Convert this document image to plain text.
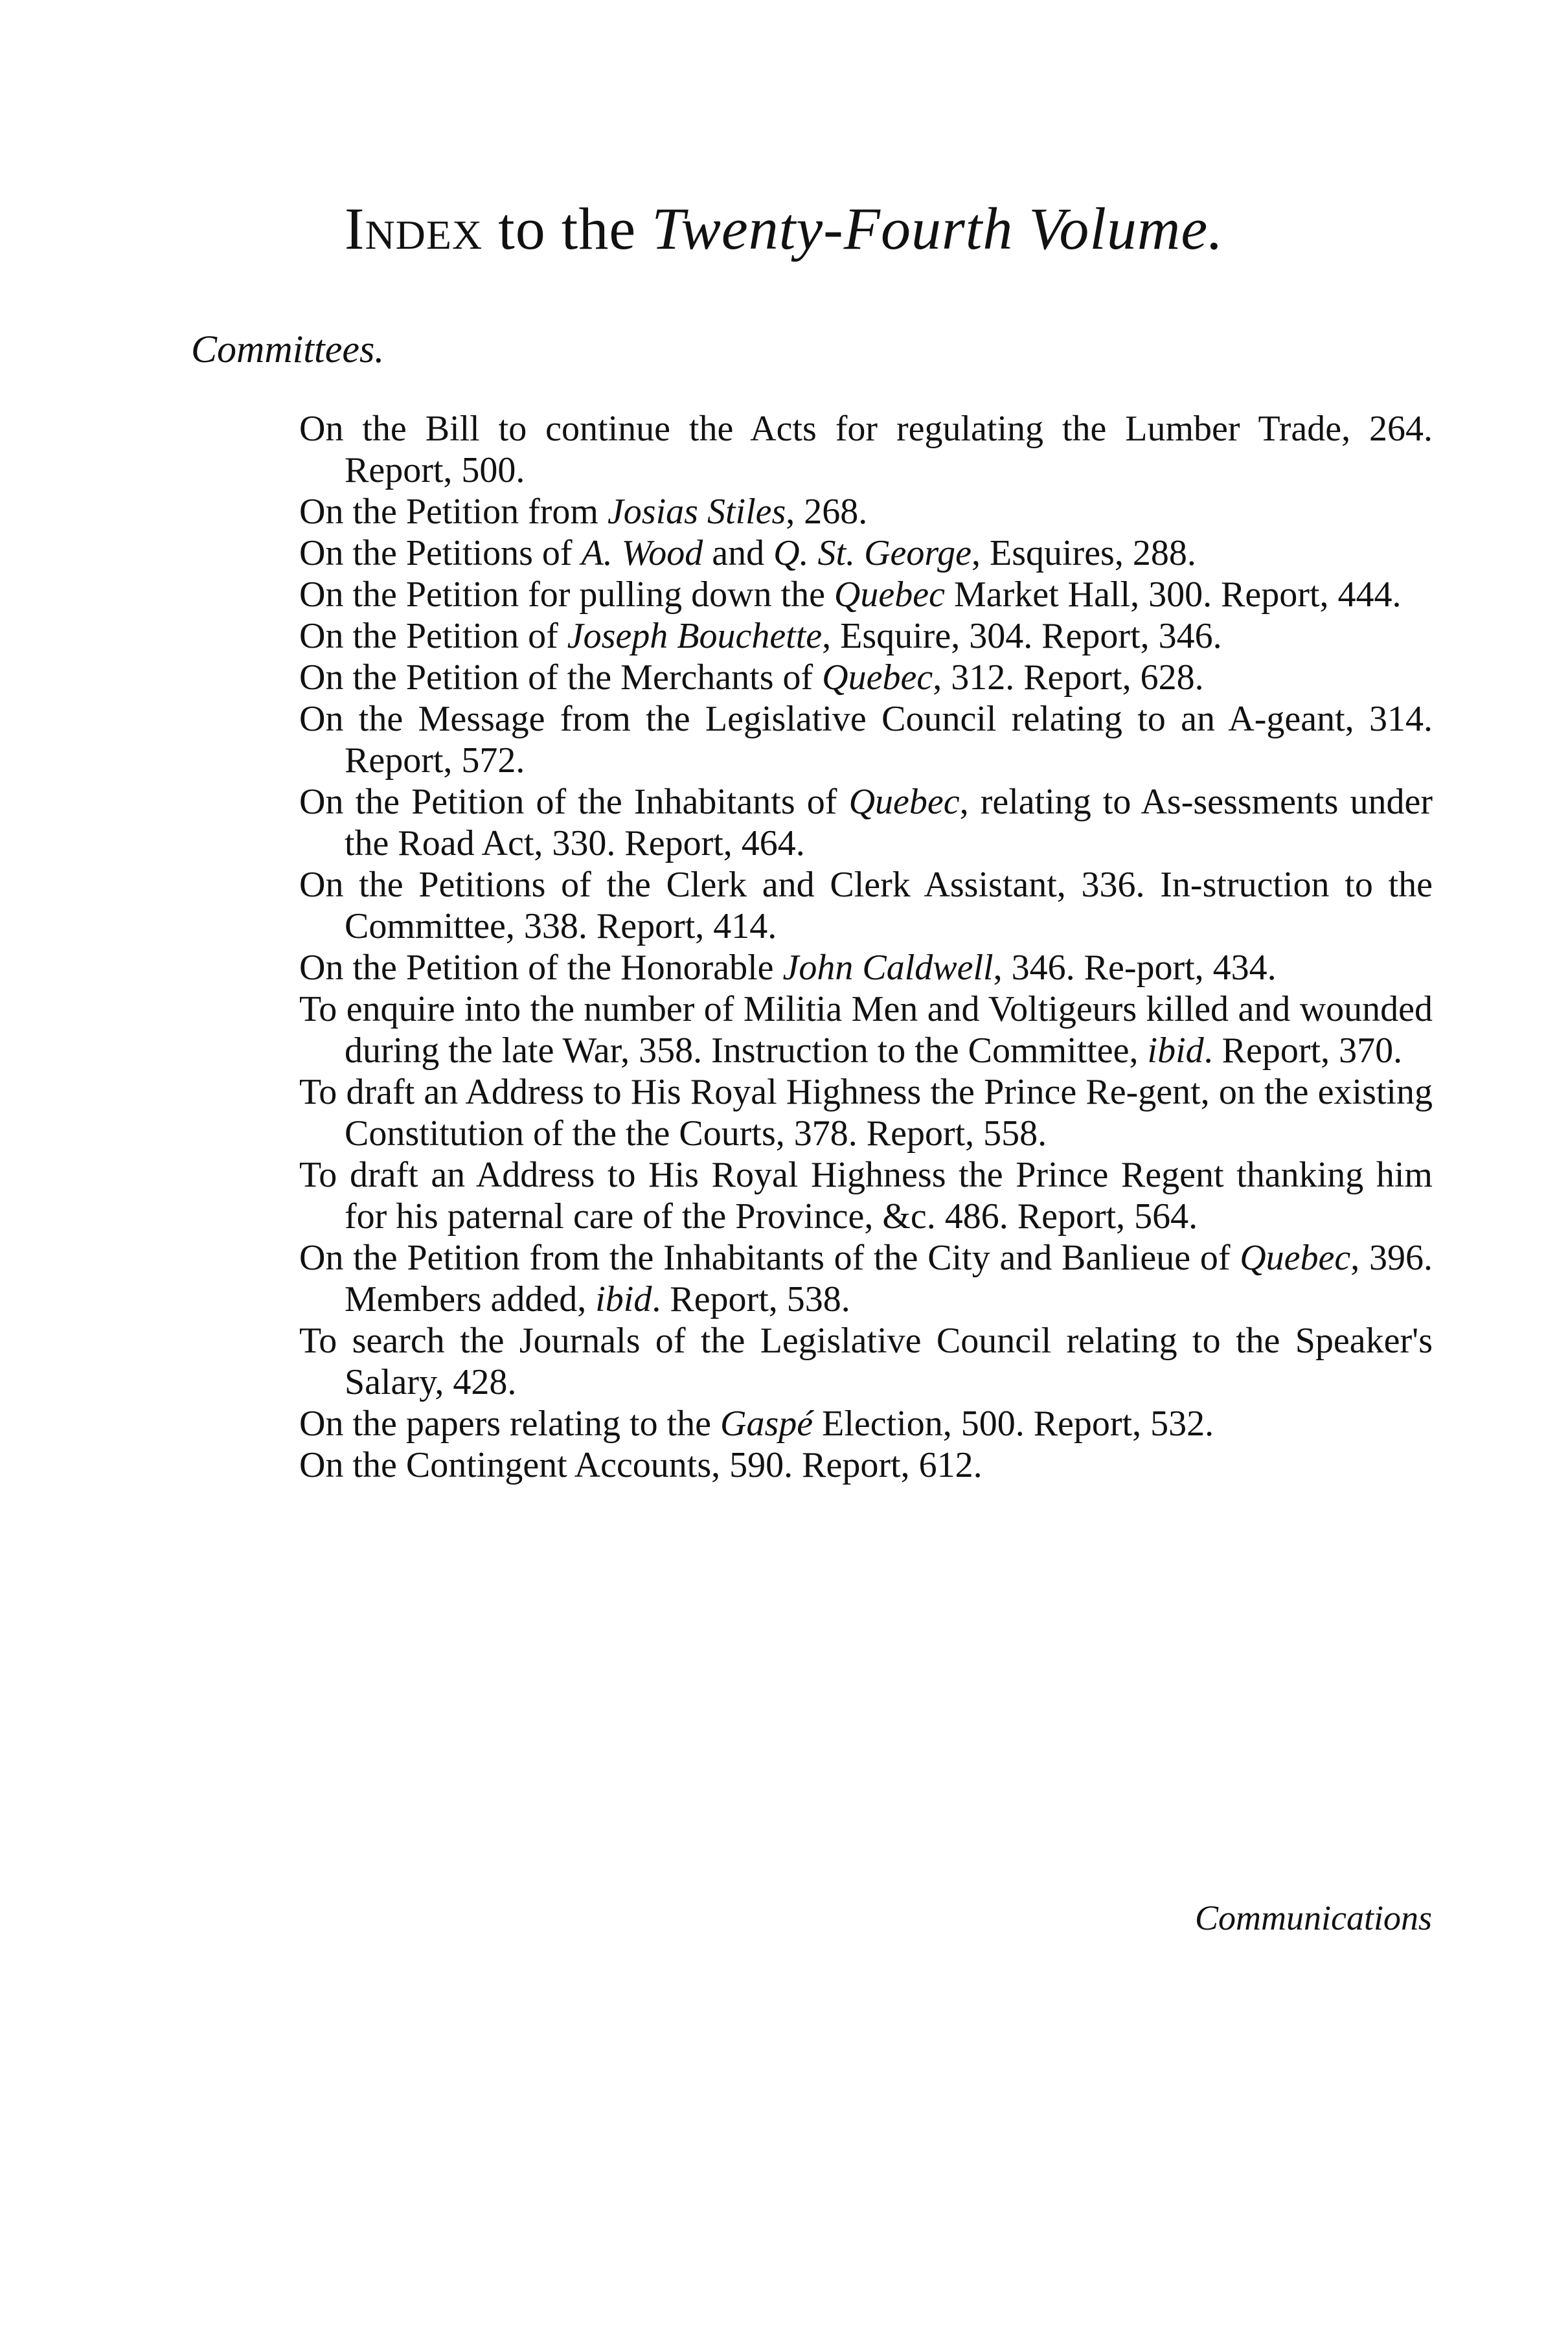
Index to the Twenty-Fourth Volume.
Committees.
On the Bill to continue the Acts for regulating the Lumber Trade, 264. Report, 500.
On the Petition from Josias Stiles, 268.
On the Petitions of A. Wood and Q. St. George, Esquires, 288.
On the Petition for pulling down the Quebec Market Hall, 300. Report, 444.
On the Petition of Joseph Bouchette, Esquire, 304. Report, 346.
On the Petition of the Merchants of Quebec, 312. Report, 628.
On the Message from the Legislative Council relating to an A-geant, 314. Report, 572.
On the Petition of the Inhabitants of Quebec, relating to As-sessments under the Road Act, 330. Report, 464.
On the Petitions of the Clerk and Clerk Assistant, 336. In-struction to the Committee, 338. Report, 414.
On the Petition of the Honorable John Caldwell, 346. Re-port, 434.
To enquire into the number of Militia Men and Voltigeurs killed and wounded during the late War, 358. Instruction to the Committee, ibid. Report, 370.
To draft an Address to His Royal Highness the Prince Re-gent, on the existing Constitution of the the Courts, 378. Report, 558.
To draft an Address to His Royal Highness the Prince Regent thanking him for his paternal care of the Province, &c. 486. Report, 564.
On the Petition from the Inhabitants of the City and Banlieue of Quebec, 396. Members added, ibid. Report, 538.
To search the Journals of the Legislative Council relating to the Speaker's Salary, 428.
On the papers relating to the Gaspé Election, 500. Report, 532.
On the Contingent Accounts, 590. Report, 612.
Communications
